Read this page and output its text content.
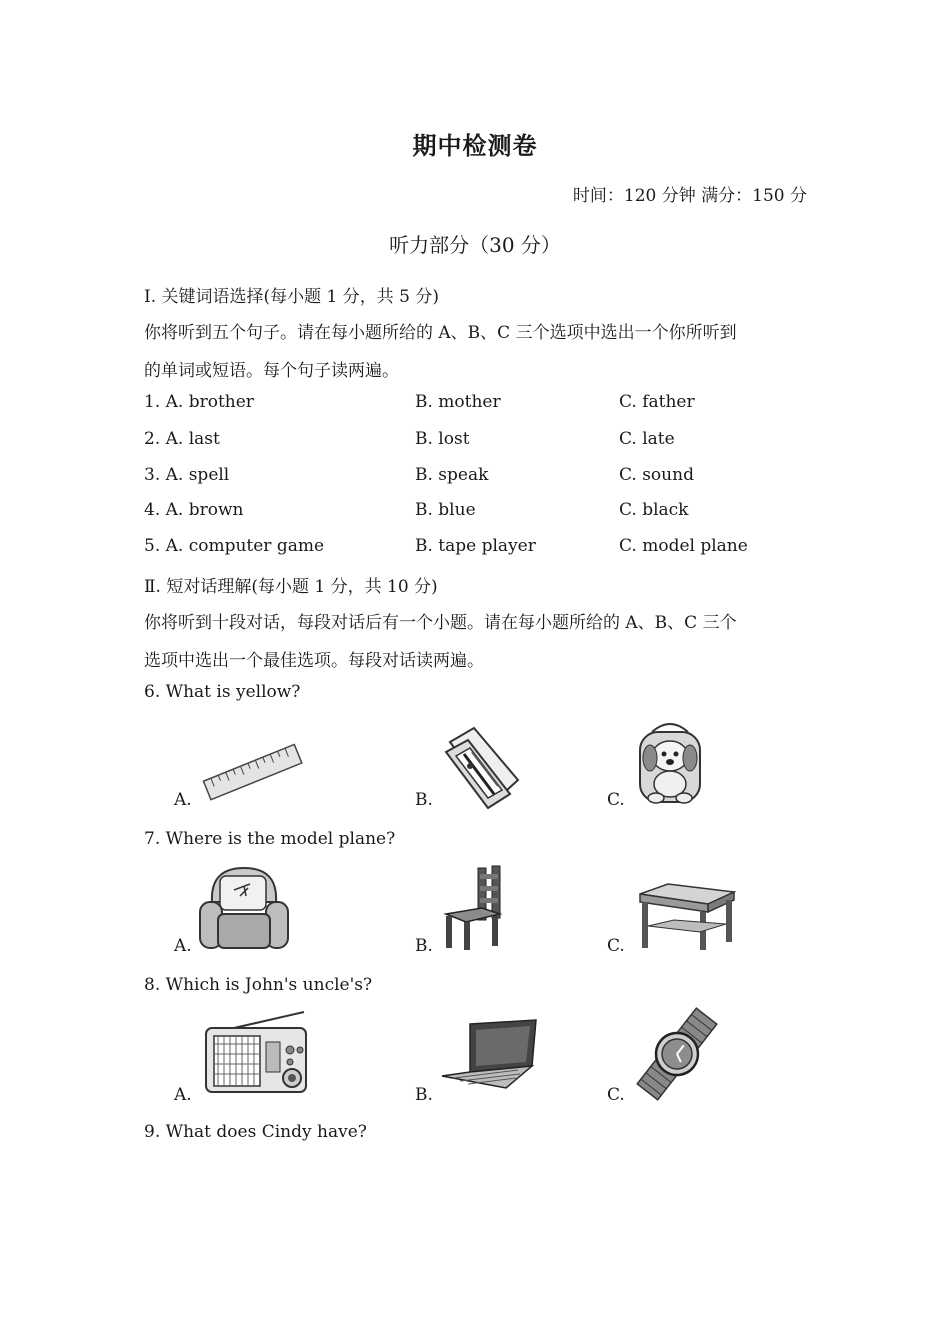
期中检测卷
时间：120 分钟 满分：150 分
听力部分（30 分）
Ⅰ. 关键词语选择(每小题 1 分，共 5 分)
你将听到五个句子。请在每小题所给的 A、B、C 三个选项中选出一个你所听到
的单词或短语。每个句子读两遍。
1. A. brother	B. mother	C. father
2. A. last	B. lost	C. late
3. A. spell	B. speak	C. sound
4. A. brown	B. blue	C. black
5. A. computer game	B. tape player	C. model plane
Ⅱ. 短对话理解(每小题 1 分，共 10 分)
你将听到十段对话，每段对话后有一个小题。请在每小题所给的 A、B、C 三个
选项中选出一个最佳选项。每段对话读两遍。
6. What is yellow?
A.	B.	C.
7. Where is the model plane?
A.	B.	C.
8. Which is John's uncle's?
A.	B.	C.
9. What does Cindy have?
